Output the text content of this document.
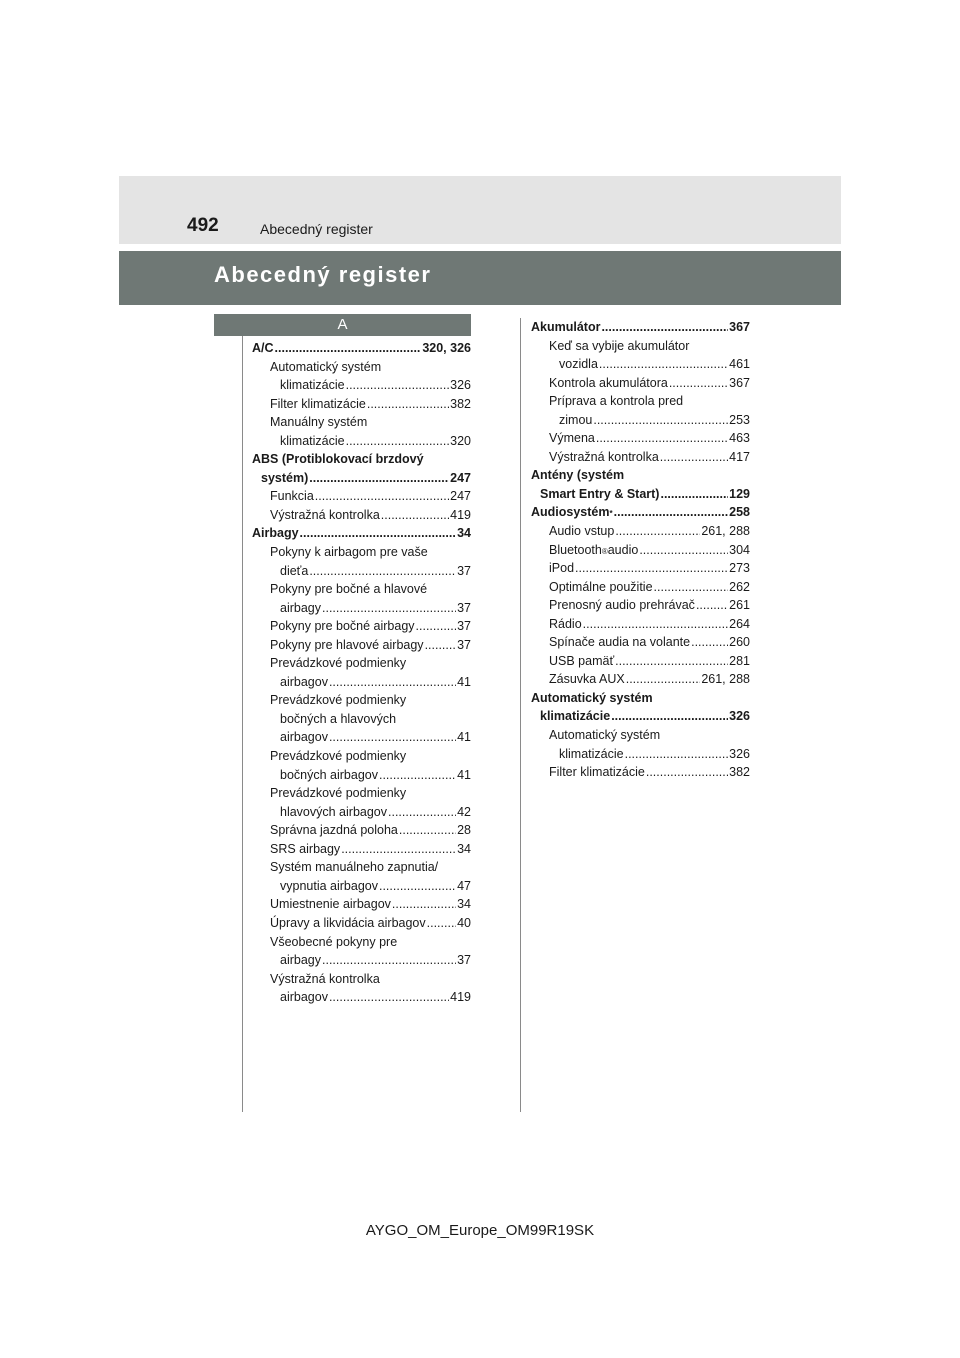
492	Abecedný register
Abecedný register
A
A/C .....	320, 326
Automatický systém
klimatizácie .....	326
Filter klimatizácie .....	382
Manuálny systém
klimatizácie .....	320
ABS (Protiblokovací brzdový
systém) .....	247
Funkcia .....	247
Výstražná kontrolka .....	419
Airbagy .....	34
Pokyny k airbagom pre vaše
dieťa .....	37
Pokyny pre bočné a hlavové
airbagy .....	37
Pokyny pre bočné airbagy .....	37
Pokyny pre hlavové airbagy .....	37
Prevádzkové podmienky
airbagov .....	41
Prevádzkové podmienky
bočných a hlavových
airbagov .....	41
Prevádzkové podmienky
bočných airbagov .....	41
Prevádzkové podmienky
hlavových airbagov .....	42
Správna jazdná poloha .....	28
SRS airbagy .....	34
Systém manuálneho zapnutia/
vypnutia airbagov .....	47
Umiestnenie airbagov .....	34
Úpravy a likvidácia airbagov .....	40
Všeobecné pokyny pre
airbagy .....	37
Výstražná kontrolka
airbagov .....	419
Akumulátor .....	367
Keď sa vybije akumulátor
vozidla .....	461
Kontrola akumulátora .....	367
Príprava a kontrola pred
zimou .....	253
Výmena .....	463
Výstražná kontrolka .....	417
Antény (systém
Smart Entry & Start) .....	129
Audiosystém * .....	258
Audio vstup .....	261, 288
Bluetooth ® audio .....	304
iPod .....	273
Optimálne použitie .....	262
Prenosný audio prehrávač .....	261
Rádio .....	264
Spínače audia na volante .....	260
USB pamäť .....	281
Zásuvka AUX .....	261, 288
Automatický systém
klimatizácie .....	326
Automatický systém
klimatizácie .....	326
Filter klimatizácie .....	382
AYGO_OM_Europe_OM99R19SK
